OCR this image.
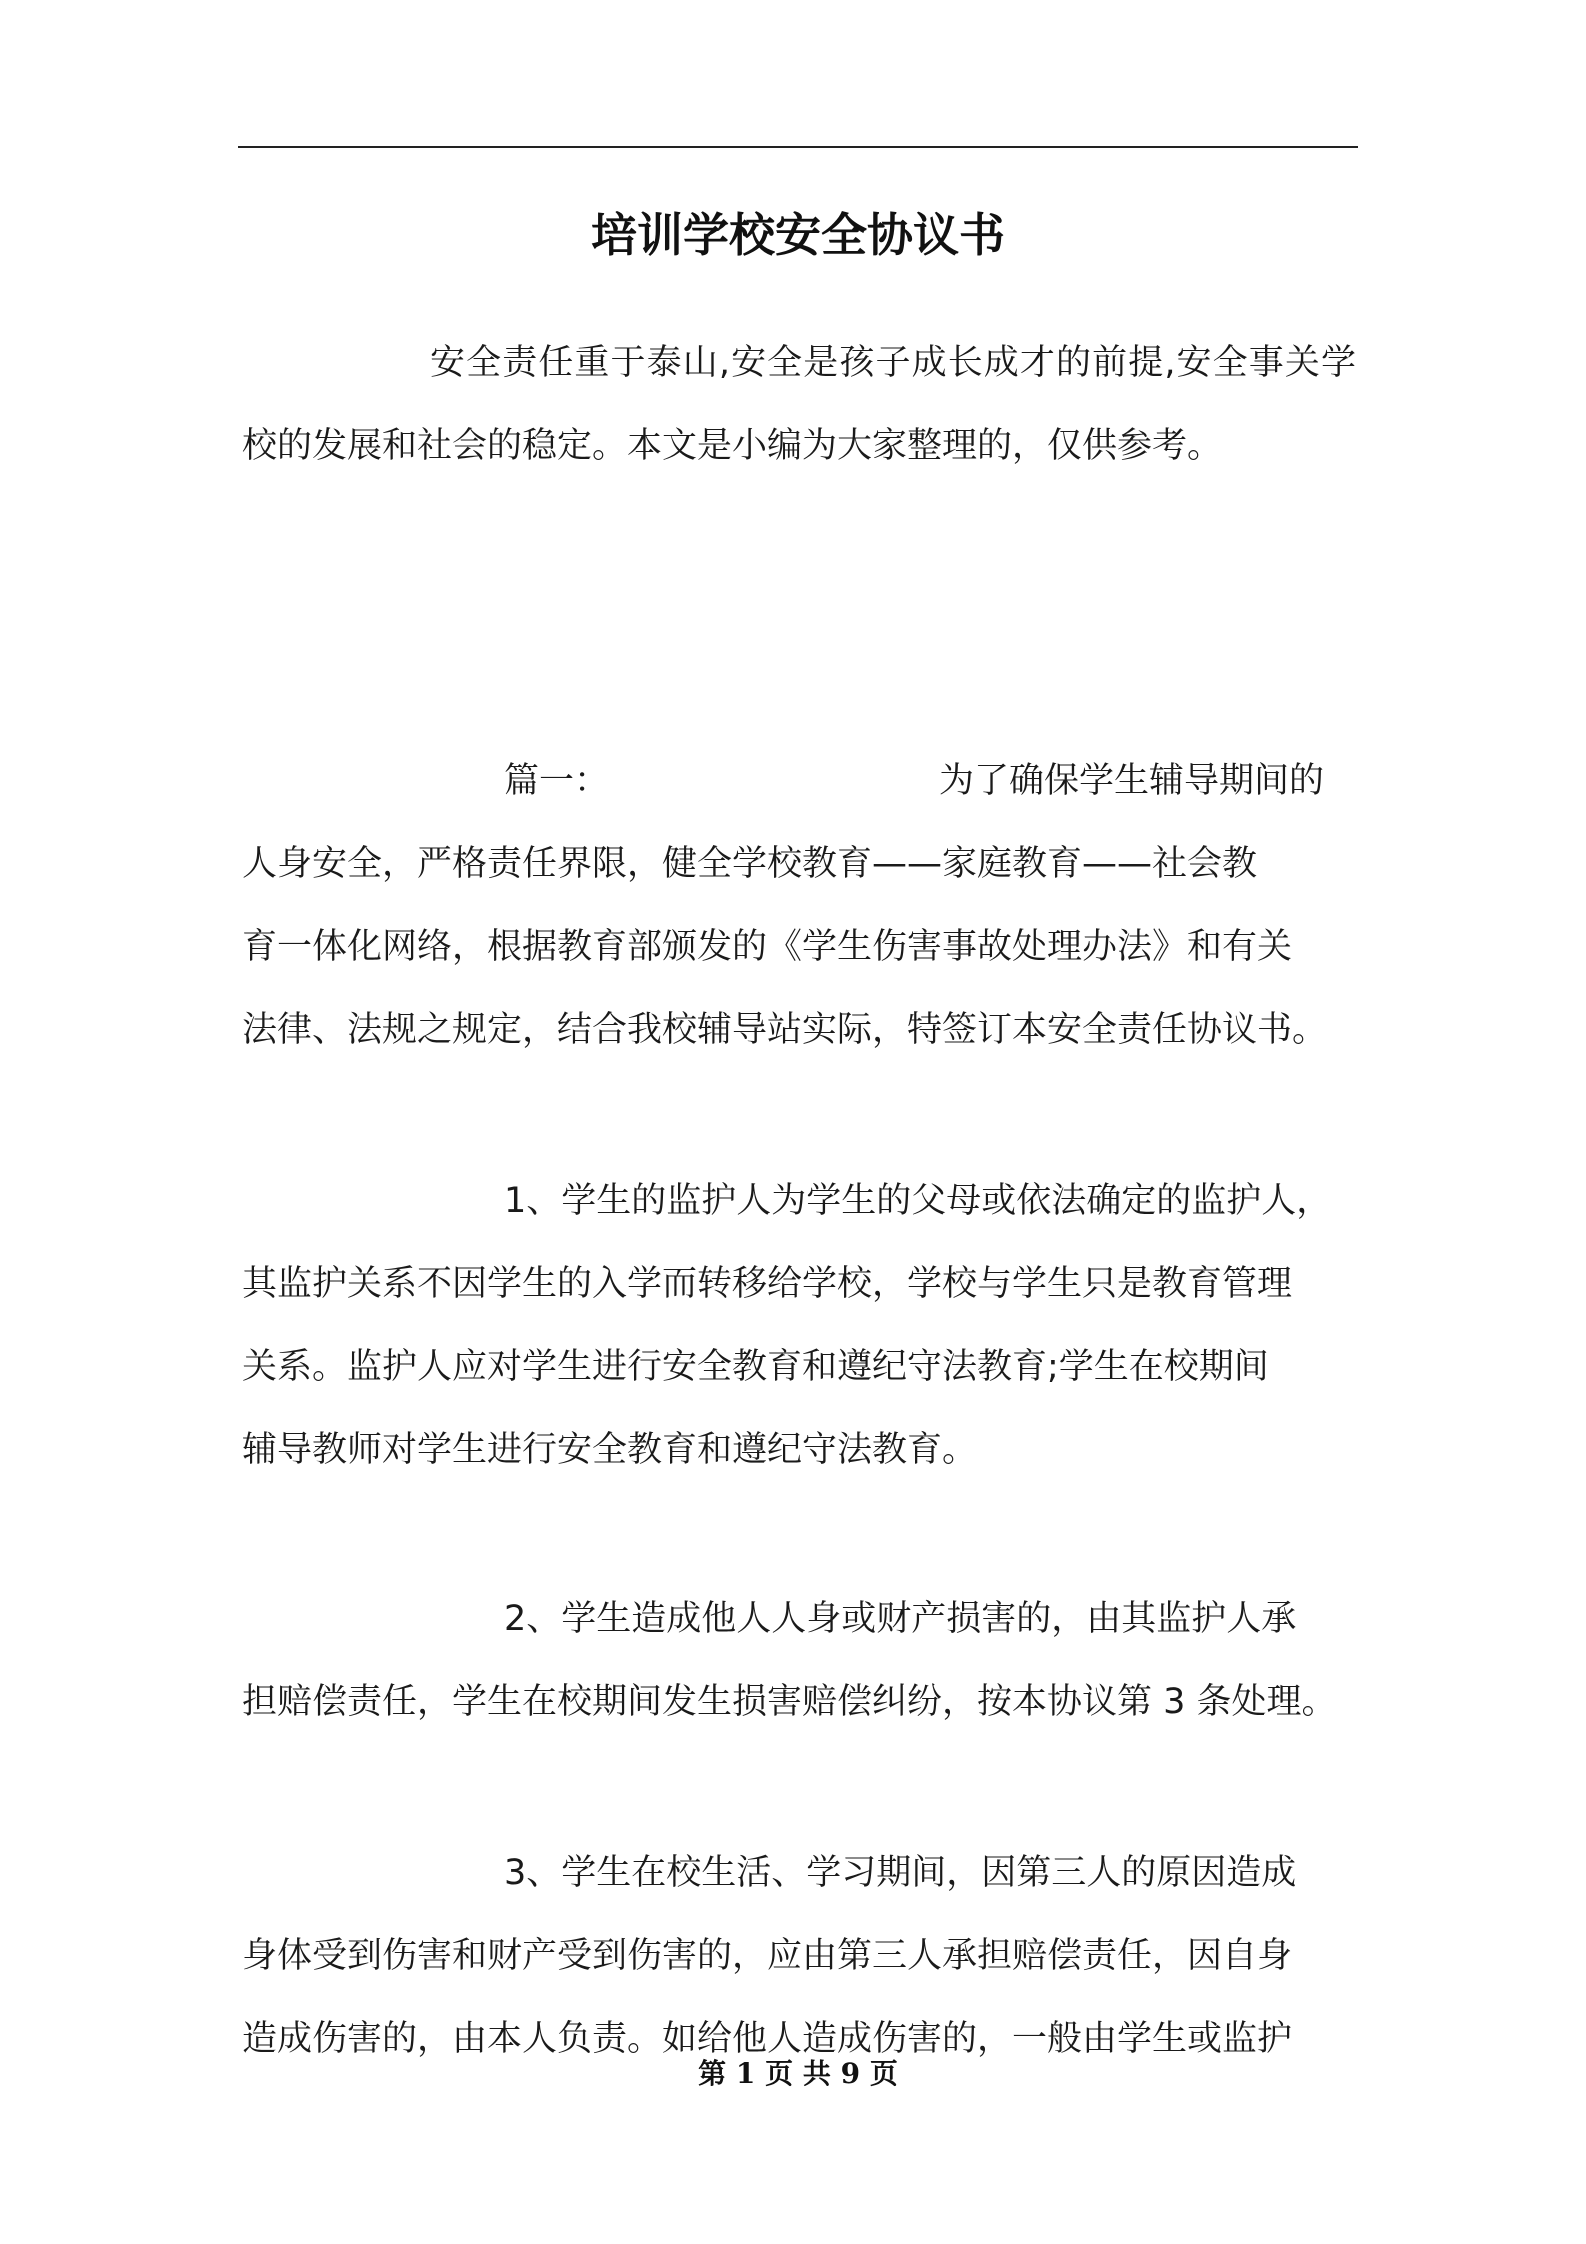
培训学校安全协议书
安全责任重于泰山,安全是孩子成长成才的前提,安全事关学校的发展和社会的稳定。本文是小编为大家整理的，仅供参考。
篇一：	为了确保学生辅导期间的
人身安全，严格责任界限，健全学校教育——家庭教育——社会教
育一体化网络，根据教育部颁发的《学生伤害事故处理办法》和有关
法律、法规之规定，结合我校辅导站实际，特签订本安全责任协议书。
1、学生的监护人为学生的父母或依法确定的监护人，
其监护关系不因学生的入学而转移给学校，学校与学生只是教育管理
关系。监护人应对学生进行安全教育和遵纪守法教育;学生在校期间
辅导教师对学生进行安全教育和遵纪守法教育。
2、学生造成他人人身或财产损害的，由其监护人承
担赔偿责任，学生在校期间发生损害赔偿纠纷，按本协议第 3 条处理。
3、学生在校生活、学习期间，因第三人的原因造成
身体受到伤害和财产受到伤害的，应由第三人承担赔偿责任，因自身
造成伤害的，由本人负责。如给他人造成伤害的，一般由学生或监护
第 1 页 共 9 页
